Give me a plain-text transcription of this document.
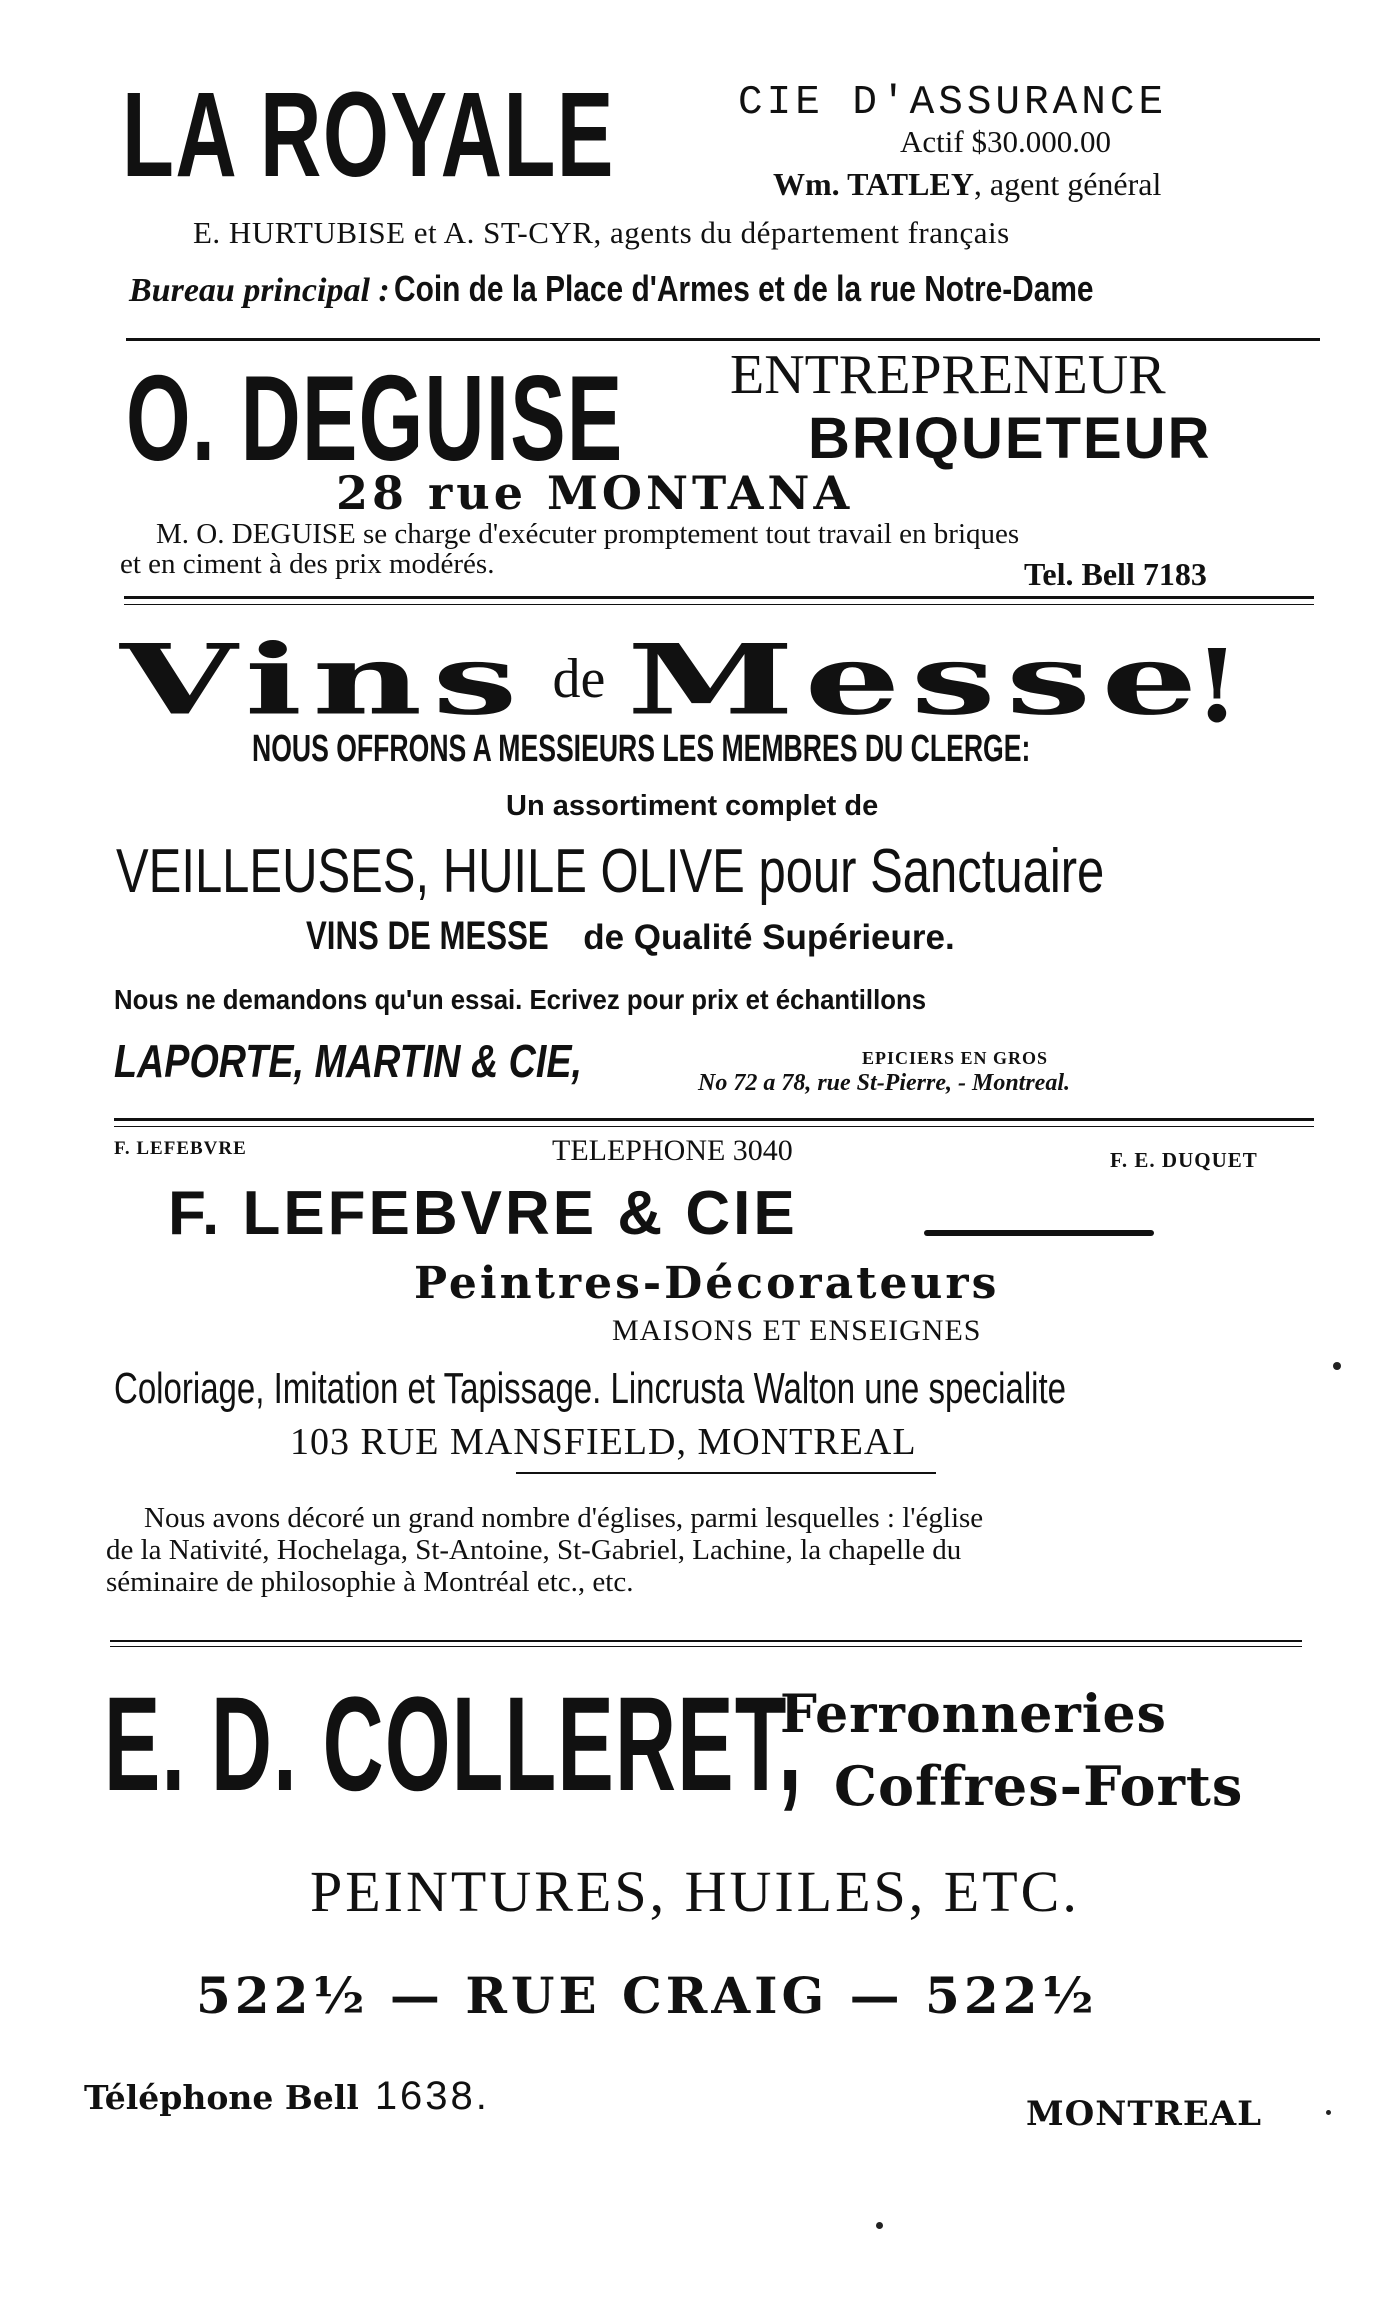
LA ROYALE	CIE D'ASSURANCE
Actif $30.000.00
Wm. TATLEY, agent général
E. HURTUBISE et A. ST-CYR, agents du département français
Bureau principal : Coin de la Place d'Armes et de la rue Notre-Dame
O. DEGUISE ENTREPRENEUR
BRIQUETEUR
28 rue MONTANA
M. O. DEGUISE se charge d'exécuter promptement tout travail en briques
et en ciment à des prix modérés.	Tel. Bell 7183
Vins de Messe !
NOUS OFFRONS A MESSIEURS LES MEMBRES DU CLERGE:
Un assortiment complet de
VEILLEUSES, HUILE OLIVE pour Sanctuaire
VINS DE MESSE de Qualité Supérieure.
Nous ne demandons qu'un essai. Ecrivez pour prix et échantillons
LAPORTE, MARTIN & CIE,	EPICIERS EN GROS
No 72 a 78, rue St-Pierre, - Montreal.
F. LEFEBVRE	TELEPHONE 3040	F. E. DUQUET
F. LEFEBVRE & CIE
Peintres-Décorateurs
MAISONS ET ENSEIGNES
Coloriage, Imitation et Tapissage. Lincrusta Walton une specialite
103 RUE MANSFIELD, MONTREAL
Nous avons décoré un grand nombre d'églises, parmi lesquelles : l'église
de la Nativité, Hochelaga, St-Antoine, St-Gabriel, Lachine, la chapelle du
séminaire de philosophie à Montréal etc., etc.
E. D. COLLERET,
Ferronneries
Coffres-Forts
PEINTURES, HUILES, ETC.
522½ — RUE CRAIG — 522½
Téléphone Bell 1638.	MONTREAL
